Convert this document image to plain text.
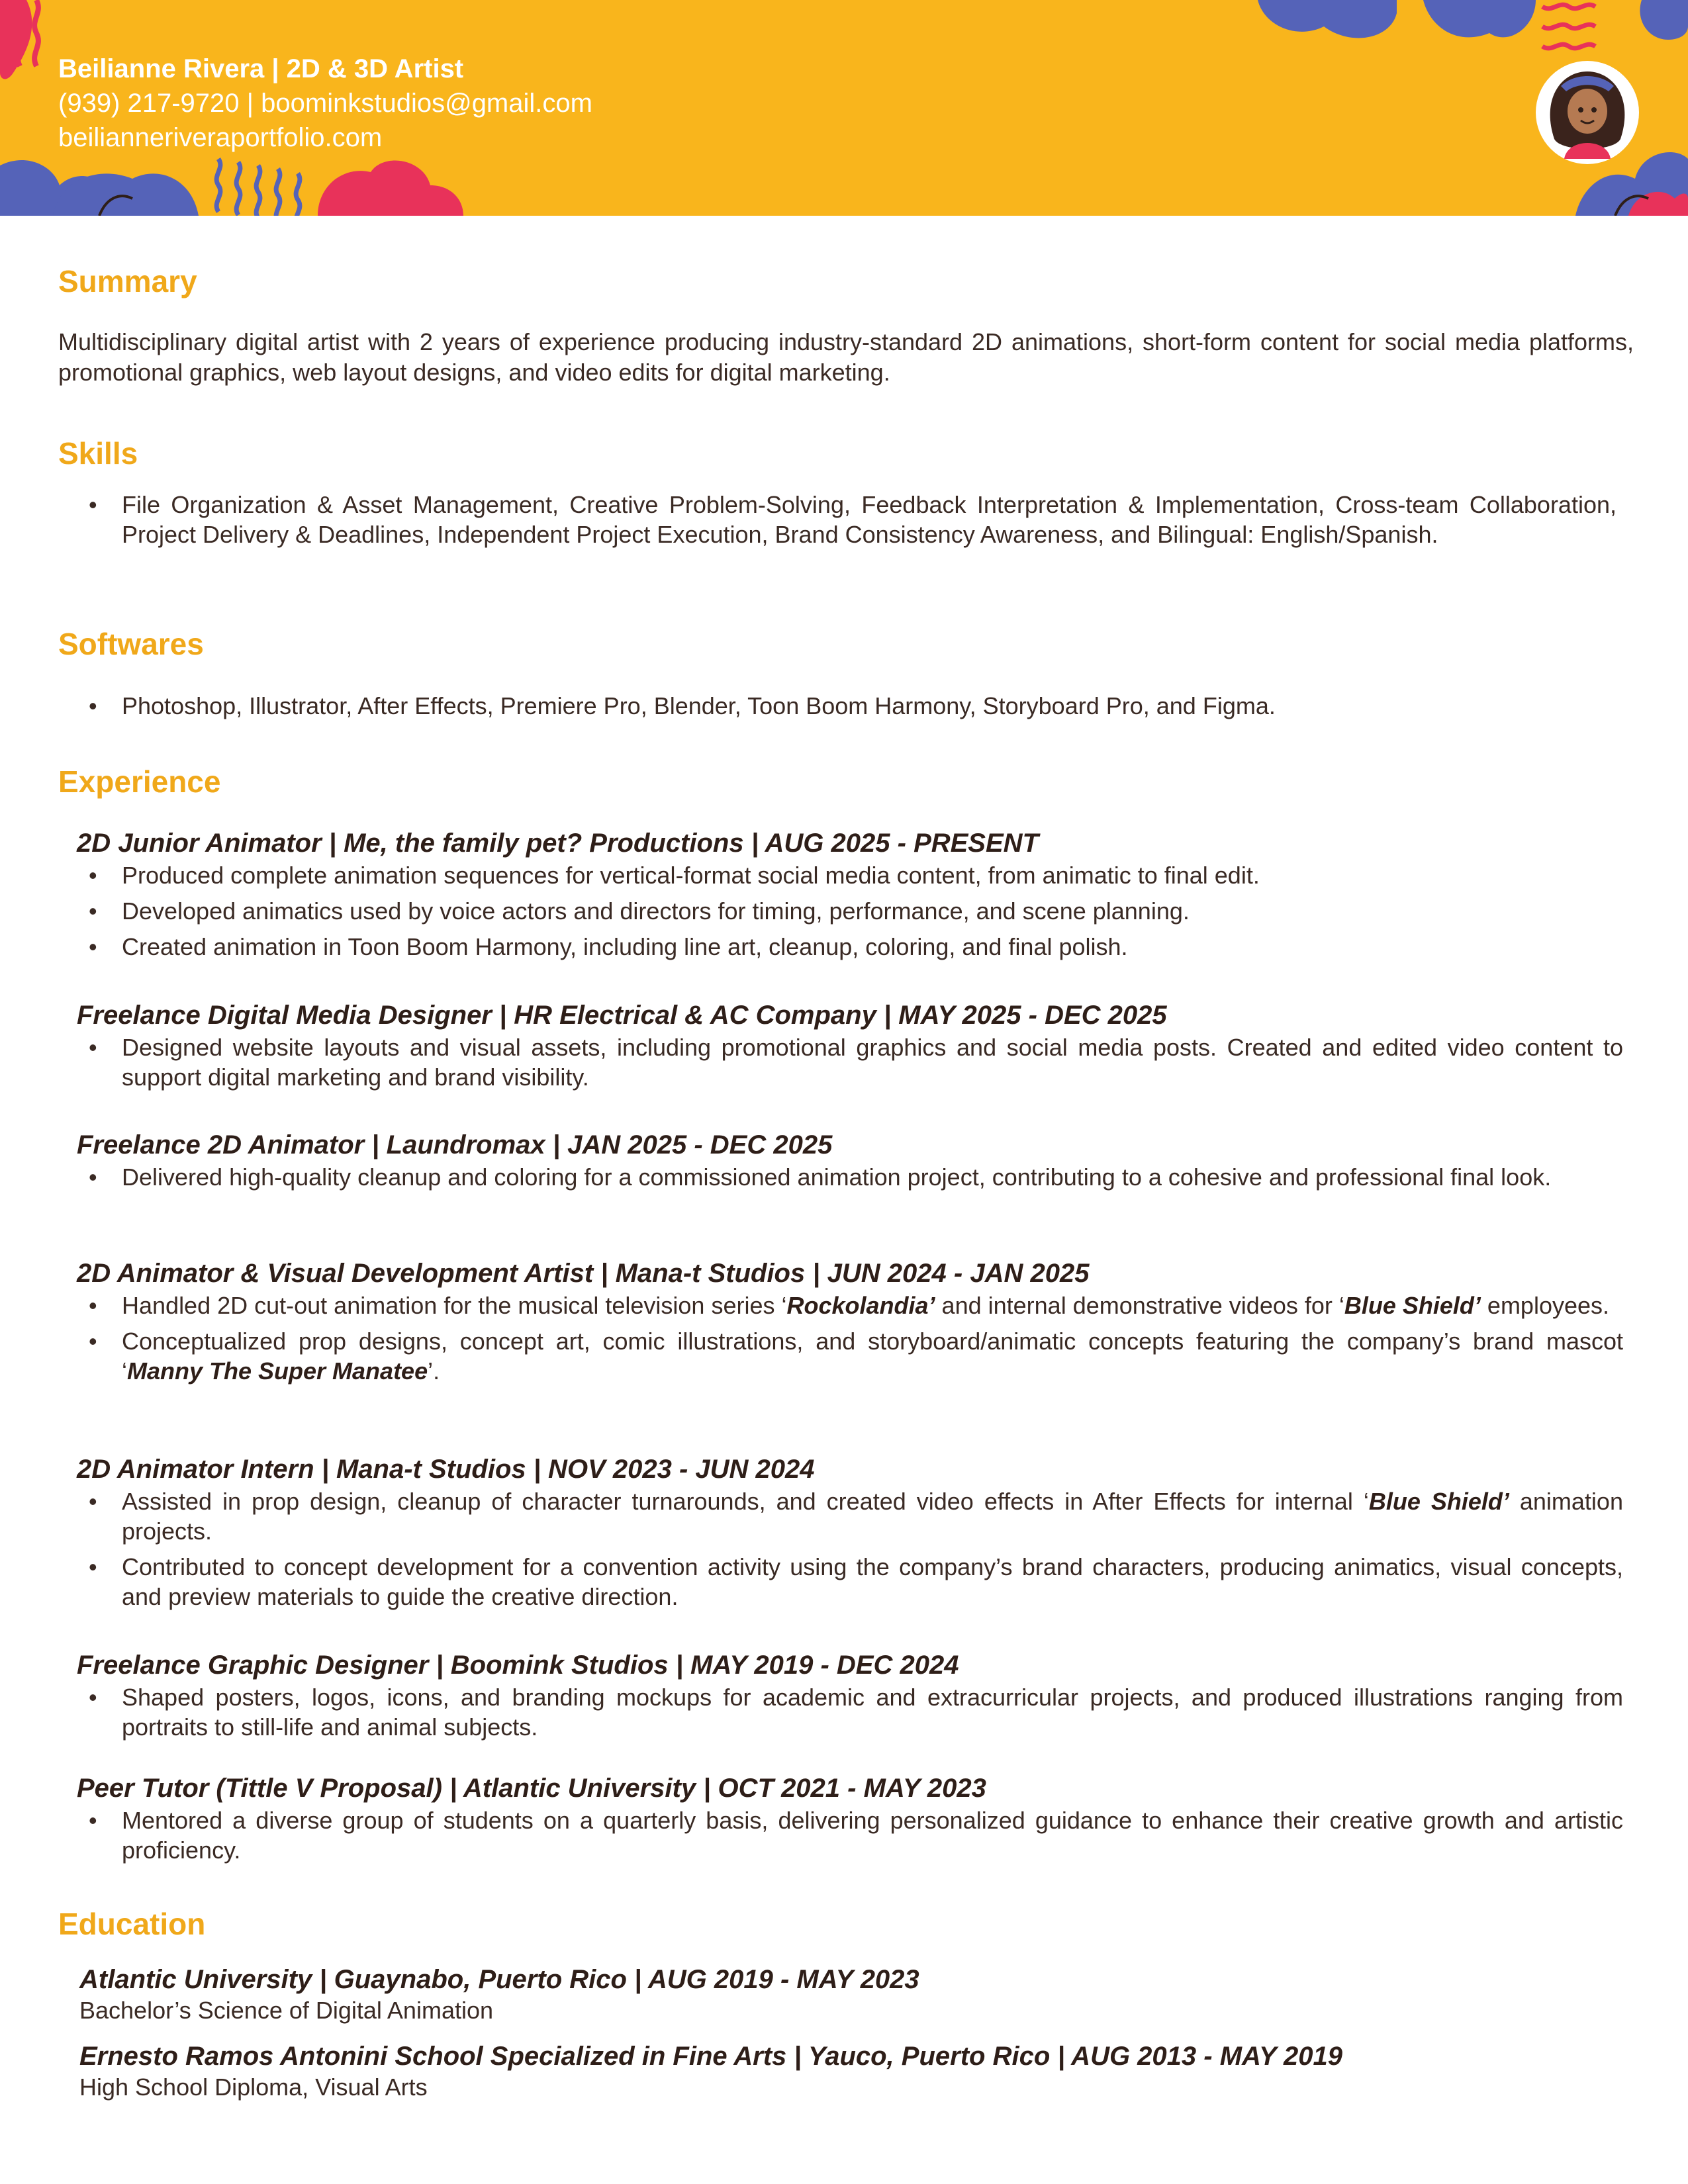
Beilianne Rivera | 2D & 3D Artist
(939) 217-9720 | boominkstudios@gmail.com
beilianneriveraportfolio.com
Summary
Multidisciplinary digital artist with 2 years of experience producing industry-standard 2D animations, short-form content for social media platforms, promotional graphics, web layout designs, and video edits for digital marketing.
Skills
• File Organization & Asset Management, Creative Problem-Solving, Feedback Interpretation & Implementation, Cross-team Collaboration, Project Delivery & Deadlines, Independent Project Execution, Brand Consistency Awareness, and Bilingual: English/Spanish.
Softwares
• Photoshop, Illustrator, After Effects, Premiere Pro, Blender, Toon Boom Harmony, Storyboard Pro, and Figma.
Experience
2D Junior Animator | Me, the family pet? Productions | AUG 2025 - PRESENT
• Produced complete animation sequences for vertical-format social media content, from animatic to final edit.
• Developed animatics used by voice actors and directors for timing, performance, and scene planning.
• Created animation in Toon Boom Harmony, including line art, cleanup, coloring, and final polish.
Freelance Digital Media Designer | HR Electrical & AC Company | MAY 2025 - DEC 2025
• Designed website layouts and visual assets, including promotional graphics and social media posts. Created and edited video content to support digital marketing and brand visibility.
Freelance 2D Animator | Laundromax | JAN 2025 - DEC 2025
• Delivered high-quality cleanup and coloring for a commissioned animation project, contributing to a cohesive and professional final look.
2D Animator & Visual Development Artist | Mana-t Studios | JUN 2024 - JAN 2025
• Handled 2D cut-out animation for the musical television series ‘Rockolandia’ and internal demonstrative videos for ‘Blue Shield’ employees.
• Conceptualized prop designs, concept art, comic illustrations, and storyboard/animatic concepts featuring the company’s brand mascot ‘Manny The Super Manatee’.
2D Animator Intern | Mana-t Studios | NOV 2023 - JUN 2024
• Assisted in prop design, cleanup of character turnarounds, and created video effects in After Effects for internal ‘Blue Shield’ animation projects.
• Contributed to concept development for a convention activity using the company’s brand characters, producing animatics, visual concepts, and preview materials to guide the creative direction.
Freelance Graphic Designer | Boomink Studios | MAY 2019 - DEC 2024
• Shaped posters, logos, icons, and branding mockups for academic and extracurricular projects, and produced illustrations ranging from portraits to still-life and animal subjects.
Peer Tutor (Tittle V Proposal) | Atlantic University | OCT 2021 - MAY 2023
• Mentored a diverse group of students on a quarterly basis, delivering personalized guidance to enhance their creative growth and artistic proficiency.
Education
Atlantic University | Guaynabo, Puerto Rico | AUG 2019 - MAY 2023
Bachelor’s Science of Digital Animation
Ernesto Ramos Antonini School Specialized in Fine Arts | Yauco, Puerto Rico | AUG 2013 - MAY 2019
High School Diploma, Visual Arts
